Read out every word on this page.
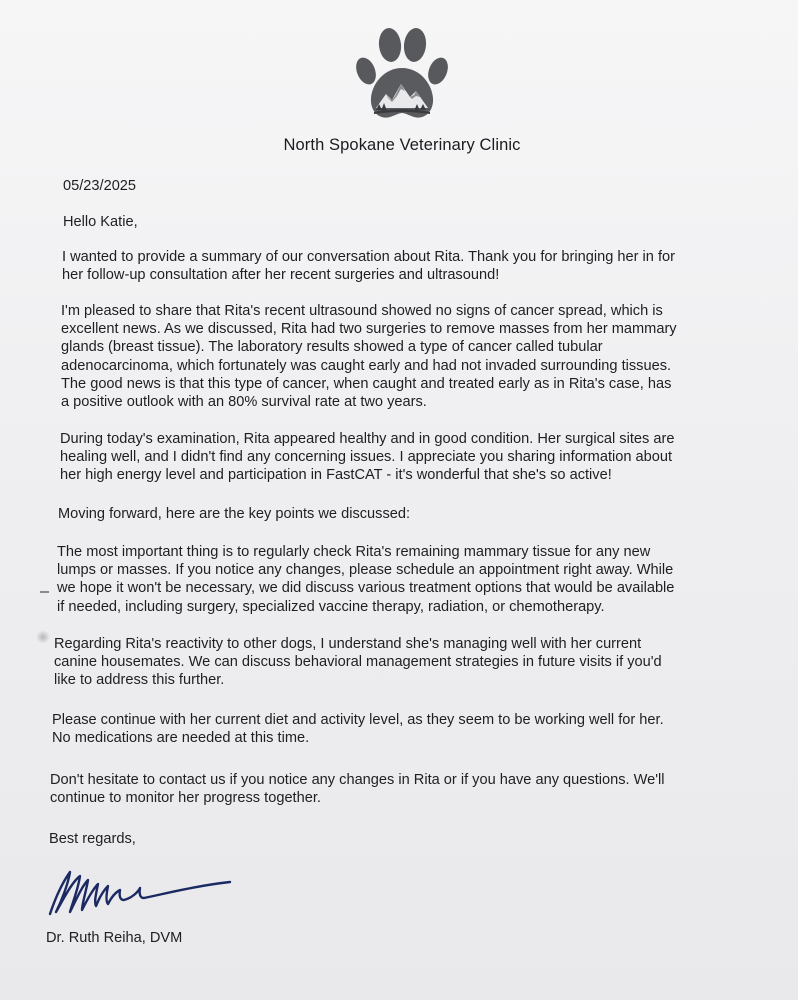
North Spokane Veterinary Clinic
05/23/2025
Hello Katie,
I wanted to provide a summary of our conversation about Rita. Thank you for bringing her in for
her follow-up consultation after her recent surgeries and ultrasound!
I'm pleased to share that Rita's recent ultrasound showed no signs of cancer spread, which is
excellent news. As we discussed, Rita had two surgeries to remove masses from her mammary
glands (breast tissue). The laboratory results showed a type of cancer called tubular
adenocarcinoma, which fortunately was caught early and had not invaded surrounding tissues.
The good news is that this type of cancer, when caught and treated early as in Rita's case, has
a positive outlook with an 80% survival rate at two years.
During today's examination, Rita appeared healthy and in good condition. Her surgical sites are
healing well, and I didn't find any concerning issues. I appreciate you sharing information about
her high energy level and participation in FastCAT - it's wonderful that she's so active!
Moving forward, here are the key points we discussed:
The most important thing is to regularly check Rita's remaining mammary tissue for any new
lumps or masses. If you notice any changes, please schedule an appointment right away. While
we hope it won't be necessary, we did discuss various treatment options that would be available
if needed, including surgery, specialized vaccine therapy, radiation, or chemotherapy.
Regarding Rita's reactivity to other dogs, I understand she's managing well with her current
canine housemates. We can discuss behavioral management strategies in future visits if you'd
like to address this further.
Please continue with her current diet and activity level, as they seem to be working well for her.
No medications are needed at this time.
Don't hesitate to contact us if you notice any changes in Rita or if you have any questions. We'll
continue to monitor her progress together.
Best regards,
Dr. Ruth Reiha, DVM
